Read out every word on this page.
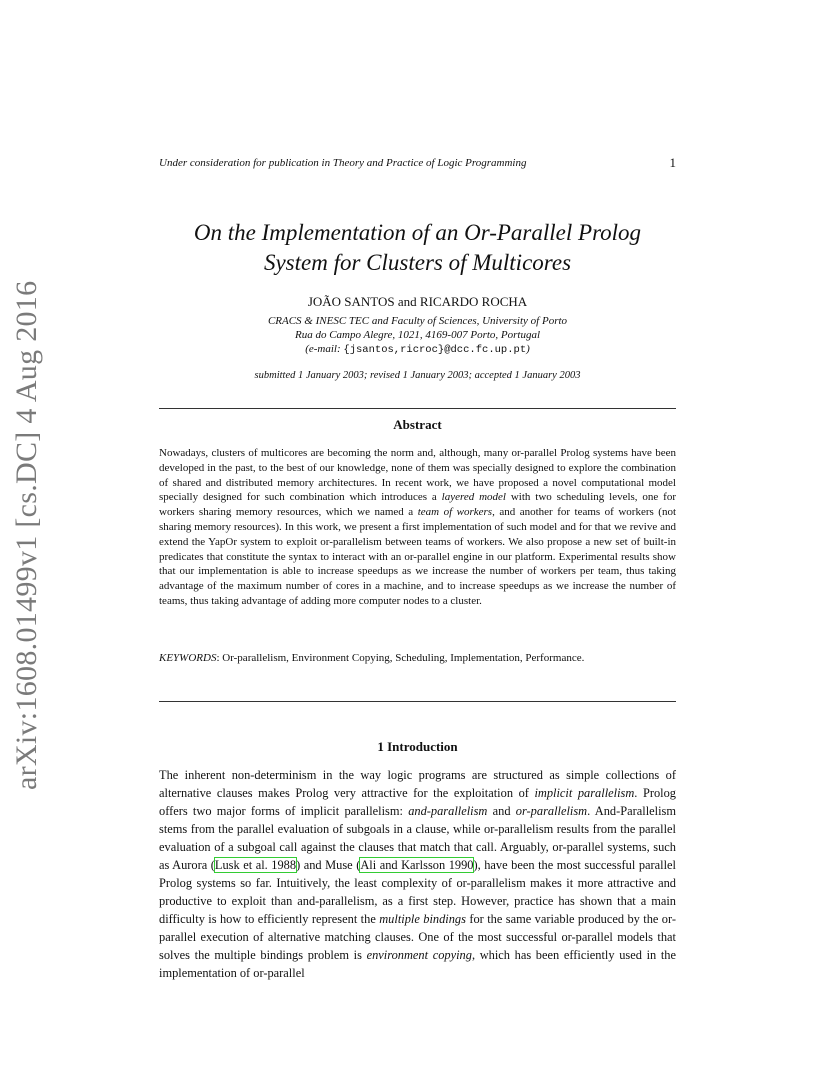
arXiv:1608.01499v1 [cs.DC] 4 Aug 2016
Under consideration for publication in Theory and Practice of Logic Programming	1
On the Implementation of an Or-Parallel Prolog
System for Clusters of Multicores
JOÃO SANTOS and RICARDO ROCHA
CRACS & INESC TEC and Faculty of Sciences, University of Porto
Rua do Campo Alegre, 1021, 4169-007 Porto, Portugal
(e-mail: {jsantos,ricroc}@dcc.fc.up.pt)
submitted 1 January 2003; revised 1 January 2003; accepted 1 January 2003
Abstract
Nowadays, clusters of multicores are becoming the norm and, although, many or-parallel Prolog systems have been developed in the past, to the best of our knowledge, none of them was specially designed to explore the combination of shared and distributed memory architectures. In recent work, we have proposed a novel computational model specially designed for such combination which introduces a layered model with two scheduling levels, one for workers sharing memory resources, which we named a team of workers, and another for teams of workers (not sharing memory resources). In this work, we present a first implementation of such model and for that we revive and extend the YapOr system to exploit or-parallelism between teams of workers. We also propose a new set of built-in predicates that constitute the syntax to interact with an or-parallel engine in our platform. Experimental results show that our implementation is able to increase speedups as we increase the number of workers per team, thus taking advantage of the maximum number of cores in a machine, and to increase speedups as we increase the number of teams, thus taking advantage of adding more computer nodes to a cluster.
KEYWORDS: Or-parallelism, Environment Copying, Scheduling, Implementation, Performance.
1 Introduction
The inherent non-determinism in the way logic programs are structured as simple collections of alternative clauses makes Prolog very attractive for the exploitation of implicit parallelism. Prolog offers two major forms of implicit parallelism: and-parallelism and or-parallelism. And-Parallelism stems from the parallel evaluation of subgoals in a clause, while or-parallelism results from the parallel evaluation of a subgoal call against the clauses that match that call. Arguably, or-parallel systems, such as Aurora (Lusk et al. 1988) and Muse (Ali and Karlsson 1990), have been the most successful parallel Prolog systems so far. Intuitively, the least complexity of or-parallelism makes it more attractive and productive to exploit than and-parallelism, as a first step. However, practice has shown that a main difficulty is how to efficiently represent the multiple bindings for the same variable produced by the or-parallel execution of alternative matching clauses. One of the most successful or-parallel models that solves the multiple bindings problem is environment copying, which has been efficiently used in the implementation of or-parallel
